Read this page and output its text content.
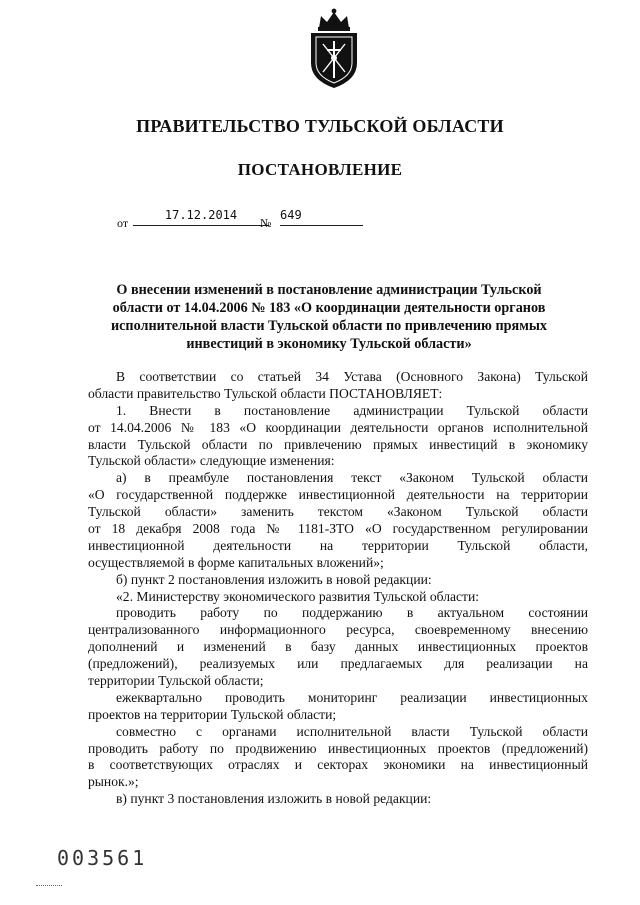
ПРАВИТЕЛЬСТВО ТУЛЬСКОЙ ОБЛАСТИ
ПОСТАНОВЛЕНИЕ
от
17.12.2014
№
649
О внесении изменений в постановление администрации Тульской
области от 14.04.2006 № 183 «О координации деятельности органов
исполнительной власти Тульской области по привлечению прямых
инвестиций в экономику Тульской области»
В соответствии со статьей 34 Устава (Основного Закона) Тульской
области правительство Тульской области ПОСТАНОВЛЯЕТ:
1. Внести в постановление администрации Тульской области
от 14.04.2006 № 183 «О координации деятельности органов исполнительной
власти Тульской области по привлечению прямых инвестиций в экономику
Тульской области» следующие изменения:
а) в преамбуле постановления текст «Законом Тульской области
«О государственной поддержке инвестиционной деятельности на территории
Тульской области» заменить текстом «Законом Тульской области
от 18 декабря 2008 года № 1181-ЗТО «О государственном регулировании
инвестиционной деятельности на территории Тульской области,
осуществляемой в форме капитальных вложений»;
б) пункт 2 постановления изложить в новой редакции:
«2. Министерству экономического развития Тульской области:
проводить работу по поддержанию в актуальном состоянии
централизованного информационного ресурса, своевременному внесению
дополнений и изменений в базу данных инвестиционных проектов
(предложений), реализуемых или предлагаемых для реализации на
территории Тульской области;
ежеквартально проводить мониторинг реализации инвестиционных
проектов на территории Тульской области;
совместно с органами исполнительной власти Тульской области
проводить работу по продвижению инвестиционных проектов (предложений)
в соответствующих отраслях и секторах экономики на инвестиционный
рынок.»;
в) пункт 3 постановления изложить в новой редакции:
003561
